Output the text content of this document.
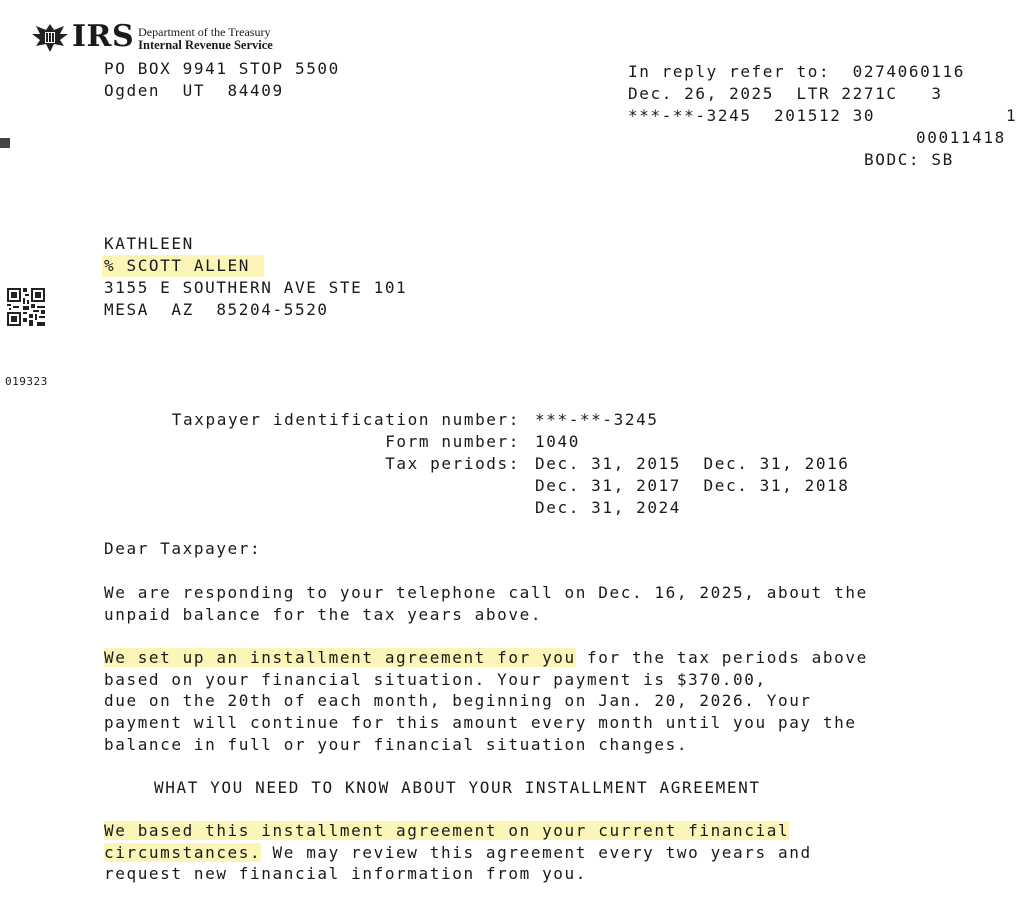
IRS Department of the Treasury
Internal Revenue Service
PO BOX 9941 STOP 5500
Ogden  UT  84409
In reply refer to: 0274060116
Dec. 26, 2025 LTR 2271C 3
***-**-3245 201512 30	1
00011418
BODC: SB
019323
KATHLEEN
% SCOTT ALLEN
3155 E SOUTHERN AVE STE 101
MESA  AZ  85204-5520
Taxpayer identification number: ***-**-3245
Form number: 1040
Tax periods: Dec. 31, 2015  Dec. 31, 2016
Dec. 31, 2017  Dec. 31, 2018
Dec. 31, 2024
Dear Taxpayer:
We are responding to your telephone call on Dec. 16, 2025, about the
unpaid balance for the tax years above.
We set up an installment agreement for you for the tax periods above
based on your financial situation. Your payment is $370.00,
due on the 20th of each month, beginning on Jan. 20, 2026. Your
payment will continue for this amount every month until you pay the
balance in full or your financial situation changes.
WHAT YOU NEED TO KNOW ABOUT YOUR INSTALLMENT AGREEMENT
We based this installment agreement on your current financial
circumstances. We may review this agreement every two years and
request new financial information from you.
